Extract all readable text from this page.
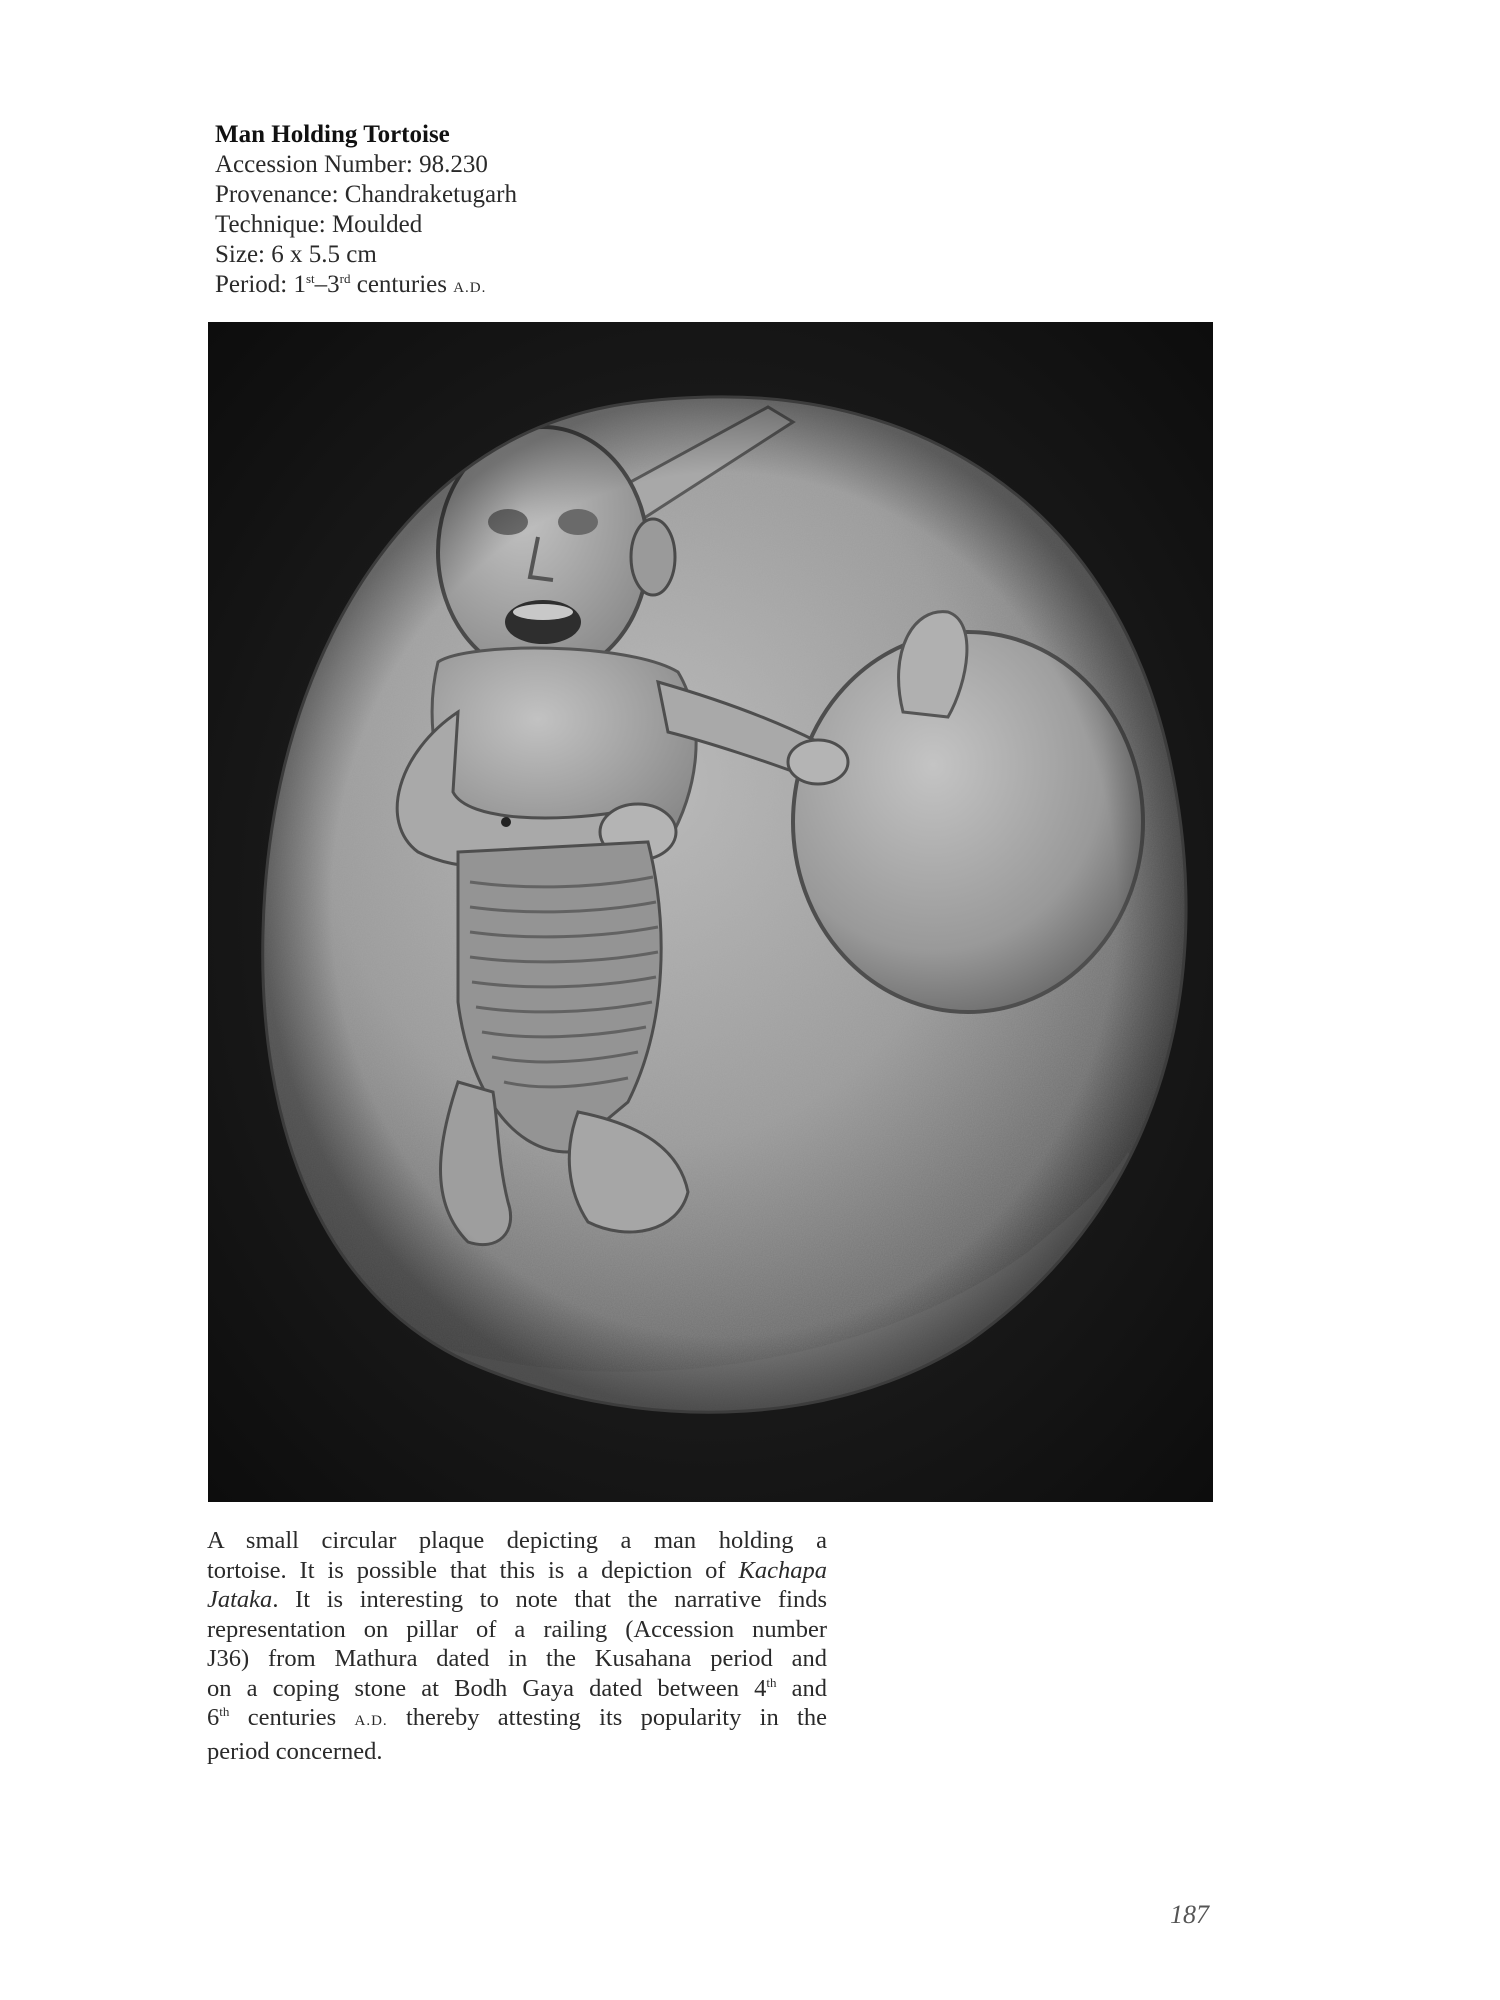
Man Holding Tortoise
Accession Number: 98.230
Provenance: Chandraketugarh
Technique: Moulded
Size: 6 x 5.5 cm
Period: 1st–3rd centuries A.D.
A small circular plaque depicting a man holding a
tortoise. It is possible that this is a depiction of Kachapa
Jataka. It is interesting to note that the narrative finds
representation on pillar of a railing (Accession number
J36) from Mathura dated in the Kusahana period and
on a coping stone at Bodh Gaya dated between 4th and
6th centuries A.D. thereby attesting its popularity in the
period concerned.
187
